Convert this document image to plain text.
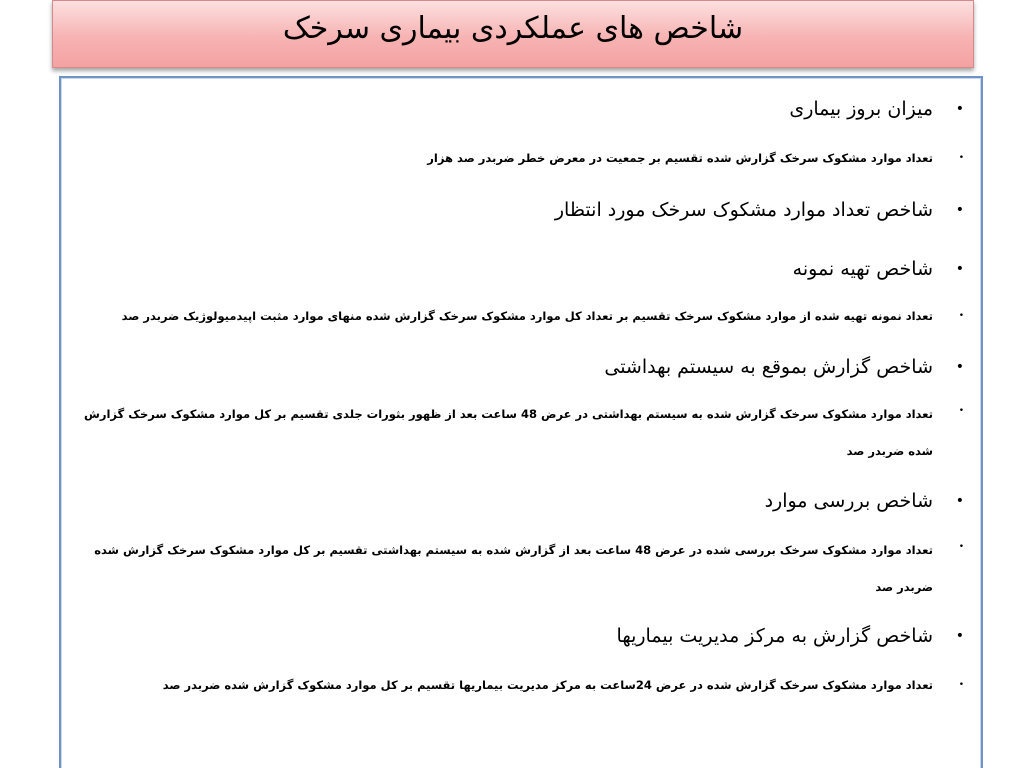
شاخص های عملکردی بیماری سرخک
•
میزان بروز بیماری
•
تعداد موارد مشکوک سرخک گزارش شده تقسیم بر جمعیت در معرض خطر ضربدر صد هزار
•
شاخص تعداد موارد مشکوک سرخک مورد انتظار
•
شاخص تهیه نمونه
•
تعداد نمونه تهیه شده از موارد مشکوک سرخک تقسیم بر تعداد کل موارد مشکوک سرخک گزارش شده منهای موارد مثبت اپیدمیولوژیک ضربدر صد
•
شاخص گزارش بموقع به سیستم بهداشتی
•
تعداد موارد مشکوک سرخک گزارش شده به سیستم بهداشتی در عرض 48 ساعت بعد از ظهور بثورات جلدی تقسیم بر کل موارد مشکوک سرخک گزارش شده ضربدر صد
•
شاخص بررسی موارد
•
تعداد موارد مشکوک سرخک بررسی شده در عرض 48 ساعت بعد از گزارش شده به سیستم بهداشتی تقسیم بر کل موارد مشکوک سرخک گزارش شده ضربدر صد
•
شاخص گزارش به مرکز مدیریت بیماریها
•
تعداد موارد مشکوک سرخک گزارش شده در عرض 24ساعت به مرکز مدیریت بیماریها تقسیم بر کل موارد مشکوک گزارش شده ضربدر صد
